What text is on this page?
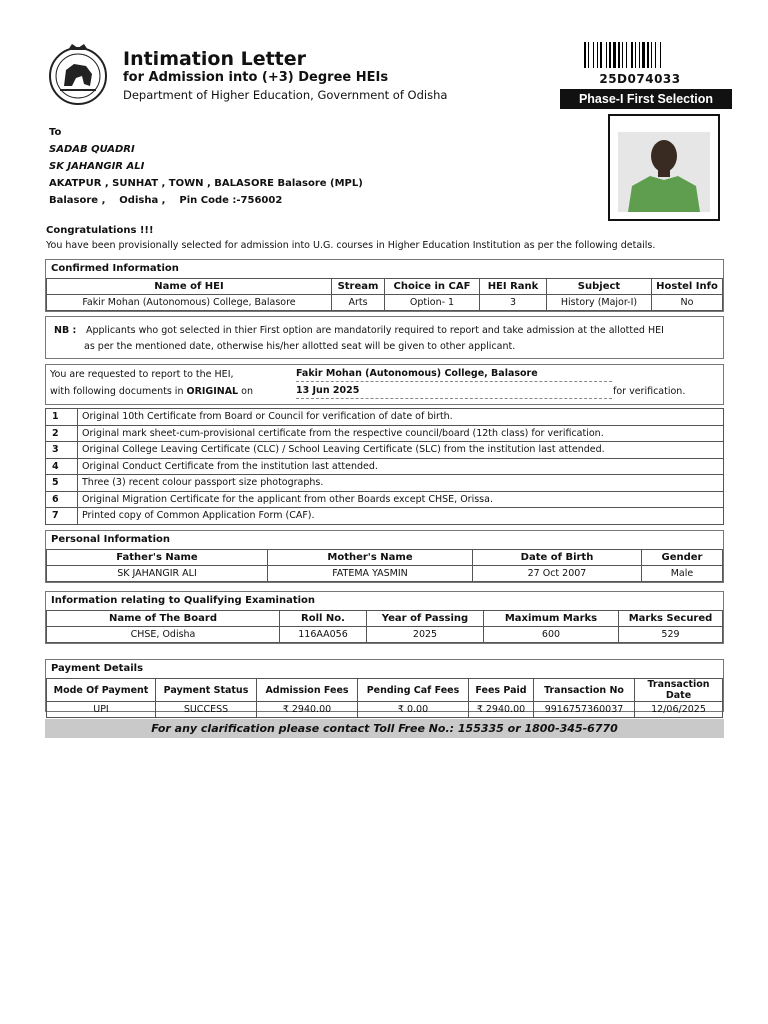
Intimation Letter
for Admission into (+3) Degree HEIs
Department of Higher Education, Government of Odisha
25D074033
Phase-I First Selection
To
SADAB QUADRI
SK JAHANGIR ALI
AKATPUR , SUNHAT , TOWN , BALASORE Balasore (MPL)
Balasore ,    Odisha ,    Pin Code :-756002
Congratulations !!!
You have been provisionally selected for admission into U.G. courses in Higher Education Institution as per the following details.
Confirmed Information
Name of HEI	Stream	Choice in CAF	HEI Rank	Subject	Hostel Info
Fakir Mohan (Autonomous) College, Balasore	Arts	Option- 1	3	History (Major-I)	No
NB :	Applicants who got selected in thier First option are mandatorily required to report and take admission at the allotted HEI
as per the mentioned date, otherwise his/her allotted seat will be given to other applicant.
You are requested to report to the HEI,
with following documents in ORIGINAL on
Fakir Mohan (Autonomous) College, Balasore
13 Jun 2025	for verification.
1	Original 10th Certificate from Board or Council for verification of date of birth.
2	Original mark sheet-cum-provisional certificate from the respective council/board (12th class) for verification.
3	Original College Leaving Certificate (CLC) / School Leaving Certificate (SLC) from the institution last attended.
4	Original Conduct Certificate from the institution last attended.
5	Three (3) recent colour passport size photographs.
6	Original Migration Certificate for the applicant from other Boards except CHSE, Orissa.
7	Printed copy of Common Application Form (CAF).
Personal Information
Father's Name	Mother's Name	Date of Birth	Gender
SK JAHANGIR ALI	FATEMA YASMIN	27 Oct 2007	Male
Information relating to Qualifying Examination
Name of The Board	Roll No.	Year of Passing	Maximum Marks	Marks Secured
CHSE, Odisha	116AA056	2025	600	529
Payment Details
Mode Of Payment	Payment Status	Admission Fees	Pending Caf Fees	Fees Paid	Transaction No	Transaction Date
UPI	SUCCESS	₹ 2940.00	₹ 0.00	₹ 2940.00	9916757360037	12/06/2025
For any clarification please contact Toll Free No.: 155335 or 1800-345-6770
